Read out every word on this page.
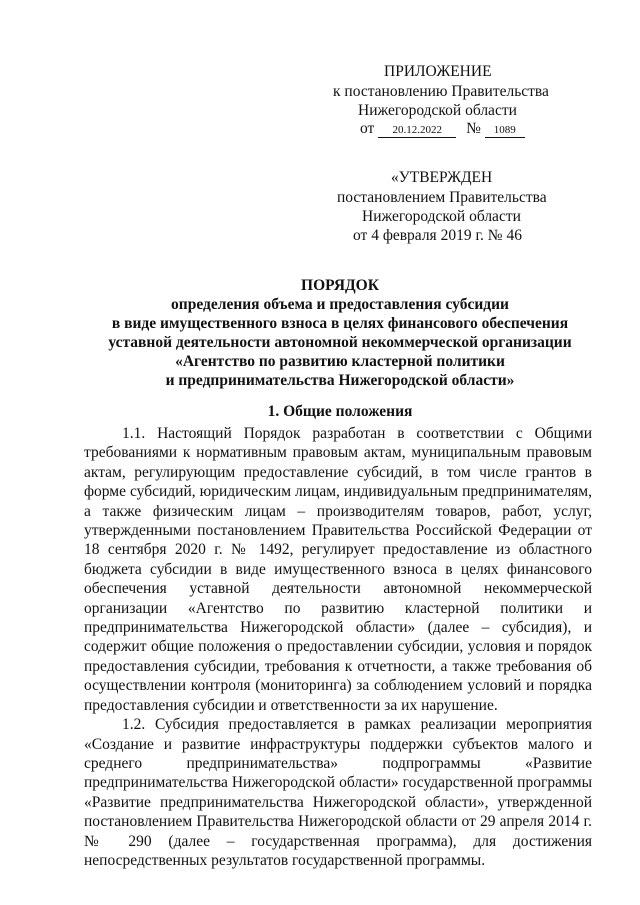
ПРИЛОЖЕНИЕ
к постановлению Правительства
Нижегородской области
от 20.12.2022 № 1089
«УТВЕРЖДЕН
постановлением Правительства
Нижегородской области
от 4 февраля 2019 г. № 46
ПОРЯДОК
определения объема и предоставления субсидии
в виде имущественного взноса в целях финансового обеспечения
уставной деятельности автономной некоммерческой организации
«Агентство по развитию кластерной политики
и предпринимательства Нижегородской области»
1. Общие положения

1.1. Настоящий Порядок разработан в соответствии с Общими требованиями к нормативным правовым актам, муниципальным правовым актам, регулирующим предоставление субсидий, в том числе грантов в форме субсидий, юридическим лицам, индивидуальным предпринимателям, а также физическим лицам – производителям товаров, работ, услуг, утвержденными постановлением Правительства Российской Федерации от 18 сентября 2020 г. № 1492, регулирует предоставление из областного бюджета субсидии в виде имущественного взноса в целях финансового обеспечения уставной деятельности автономной некоммерческой организации «Агентство по развитию кластерной политики и предпринимательства Нижегородской области» (далее – субсидия), и содержит общие положения о предоставлении субсидии, условия и порядок предоставления субсидии, требования к отчетности, а также требования об осуществлении контроля (мониторинга) за соблюдением условий и порядка предоставления субсидии и ответственности за их нарушение.

1.2. Субсидия предоставляется в рамках реализации мероприятия «Создание и развитие инфраструктуры поддержки субъектов малого и среднего предпринимательства» подпрограммы «Развитие предпринимательства Нижегородской области» государственной программы «Развитие предпринимательства Нижегородской области», утвержденной постановлением Правительства Нижегородской области от 29 апреля 2014 г. № 290 (далее – государственная программа), для достижения непосредственных результатов государственной программы.
